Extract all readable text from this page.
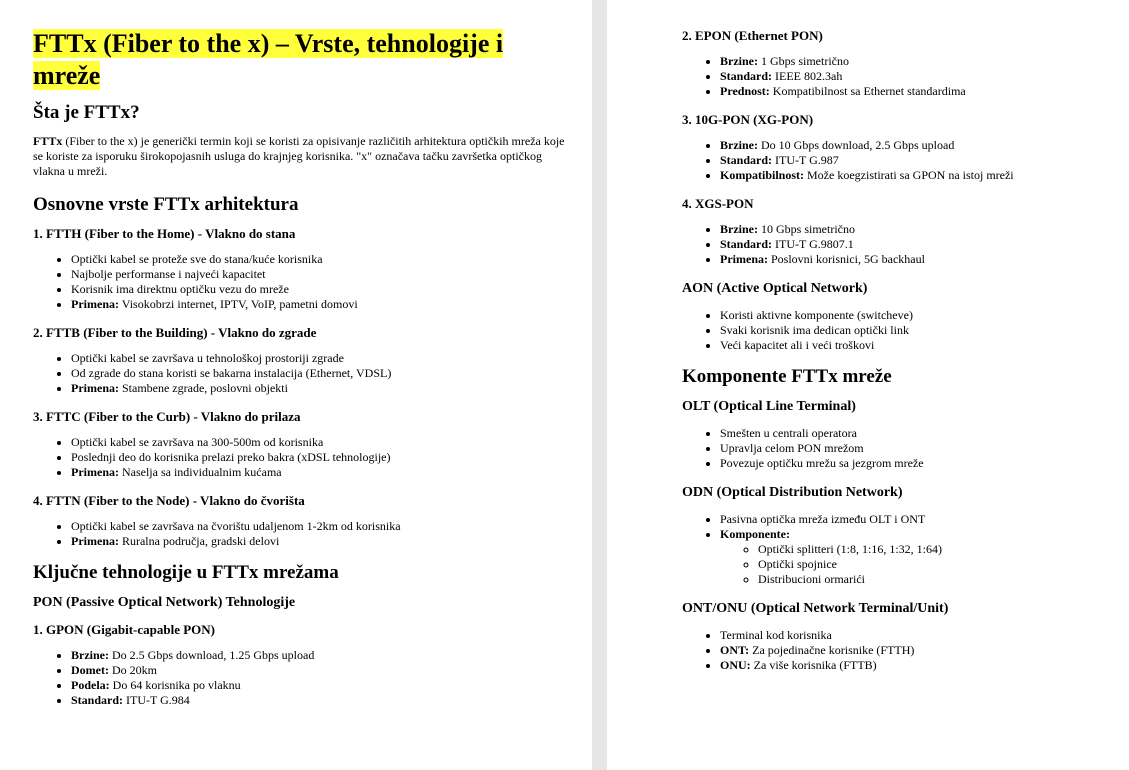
FTTx (Fiber to the x) – Vrste, tehnologije i mreže
Šta je FTTx?

FTTx (Fiber to the x) je generički termin koji se koristi za opisivanje različitih arhitektura optičkih mreža koje se koriste za isporuku širokopojasnih usluga do krajnjeg korisnika. "x" označava tačku završetka optičkog vlakna u mreži.

Osnovne vrste FTTx arhitektura
1. FTTH (Fiber to the Home) - Vlakno do stana
• Optički kabel se proteže sve do stana/kuće korisnika
• Najbolje performanse i najveći kapacitet
• Korisnik ima direktnu optičku vezu do mreže
• Primena: Visokobrzi internet, IPTV, VoIP, pametni domovi
2. FTTB (Fiber to the Building) - Vlakno do zgrade
• Optički kabel se završava u tehnološkoj prostoriji zgrade
• Od zgrade do stana koristi se bakarna instalacija (Ethernet, VDSL)
• Primena: Stambene zgrade, poslovni objekti
3. FTTC (Fiber to the Curb) - Vlakno do prilaza
• Optički kabel se završava na 300-500m od korisnika
• Poslednji deo do korisnika prelazi preko bakra (xDSL tehnologije)
• Primena: Naselja sa individualnim kućama
4. FTTN (Fiber to the Node) - Vlakno do čvorišta
• Optički kabel se završava na čvorištu udaljenom 1-2km od korisnika
• Primena: Ruralna područja, gradski delovi
Ključne tehnologije u FTTx mrežama
PON (Passive Optical Network) Tehnologije
1. GPON (Gigabit-capable PON)
• Brzine: Do 2.5 Gbps download, 1.25 Gbps upload
• Domet: Do 20km
• Podela: Do 64 korisnika po vlaknu
• Standard: ITU-T G.984
2. EPON (Ethernet PON)
• Brzine: 1 Gbps simetrično
• Standard: IEEE 802.3ah
• Prednost: Kompatibilnost sa Ethernet standardima
3. 10G-PON (XG-PON)
• Brzine: Do 10 Gbps download, 2.5 Gbps upload
• Standard: ITU-T G.987
• Kompatibilnost: Može koegzistirati sa GPON na istoj mreži
4. XGS-PON
• Brzine: 10 Gbps simetrično
• Standard: ITU-T G.9807.1
• Primena: Poslovni korisnici, 5G backhaul
AON (Active Optical Network)
• Koristi aktivne komponente (switcheve)
• Svaki korisnik ima dedican optički link
• Veći kapacitet ali i veći troškovi
Komponente FTTx mreže
OLT (Optical Line Terminal)
• Smešten u centrali operatora
• Upravlja celom PON mrežom
• Povezuje optičku mrežu sa jezgrom mreže
ODN (Optical Distribution Network)
• Pasivna optička mreža između OLT i ONT
• Komponente:
◦ Optički splitteri (1:8, 1:16, 1:32, 1:64)
◦ Optički spojnice
◦ Distribucioni ormarići
ONT/ONU (Optical Network Terminal/Unit)
• Terminal kod korisnika
• ONT: Za pojedinačne korisnike (FTTH)
• ONU: Za više korisnika (FTTB)
